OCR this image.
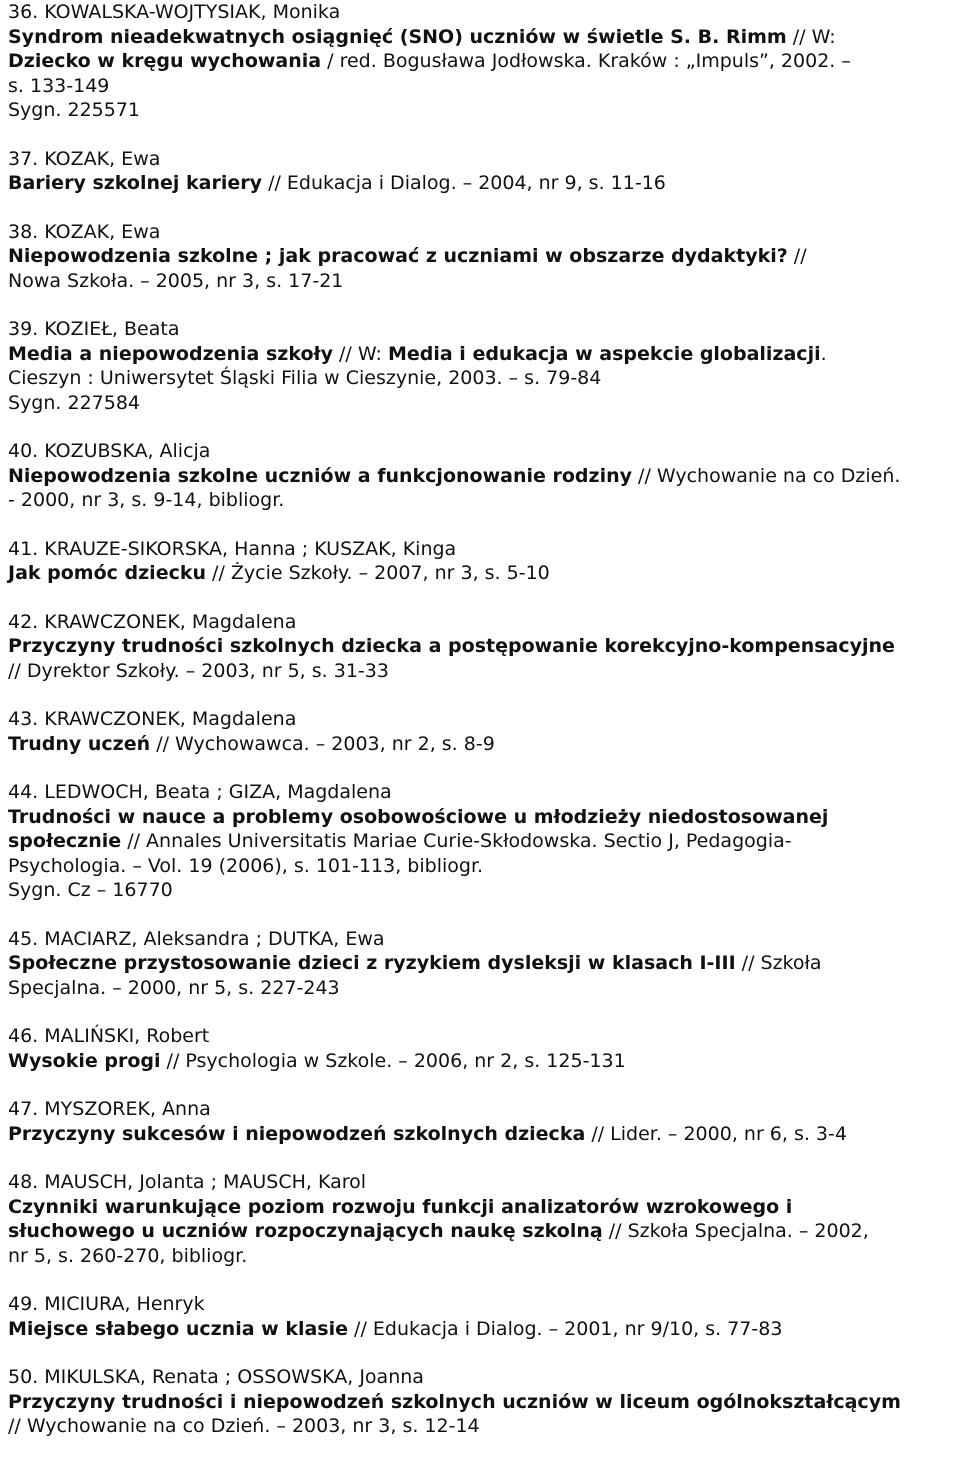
36. KOWALSKA-WOJTYSIAK, Monika
Syndrom nieadekwatnych osiągnięć (SNO) uczniów w świetle S. B. Rimm // W:
Dziecko w kręgu wychowania / red. Bogusława Jodłowska. Kraków : „Impuls”, 2002. –
s. 133-149
Sygn. 225571
37. KOZAK, Ewa
Bariery szkolnej kariery // Edukacja i Dialog. – 2004, nr 9, s. 11-16
38. KOZAK, Ewa
Niepowodzenia szkolne ; jak pracować z uczniami w obszarze dydaktyki? //
Nowa Szkoła. – 2005, nr 3, s. 17-21
39. KOZIEŁ, Beata
Media a niepowodzenia szkoły // W: Media i edukacja w aspekcie globalizacji.
Cieszyn : Uniwersytet Śląski Filia w Cieszynie, 2003. – s. 79-84
Sygn. 227584
40. KOZUBSKA, Alicja
Niepowodzenia szkolne uczniów a funkcjonowanie rodziny // Wychowanie na co Dzień.
- 2000, nr 3, s. 9-14, bibliogr.
41. KRAUZE-SIKORSKA, Hanna ; KUSZAK, Kinga
Jak pomóc dziecku // Życie Szkoły. – 2007, nr 3, s. 5-10
42. KRAWCZONEK, Magdalena
Przyczyny trudności szkolnych dziecka a postępowanie korekcyjno-kompensacyjne
// Dyrektor Szkoły. – 2003, nr 5, s. 31-33
43. KRAWCZONEK, Magdalena
Trudny uczeń // Wychowawca. – 2003, nr 2, s. 8-9
44. LEDWOCH, Beata ; GIZA, Magdalena
Trudności w nauce a problemy osobowościowe u młodzieży niedostosowanej
społecznie // Annales Universitatis Mariae Curie-Skłodowska. Sectio J, Pedagogia-
Psychologia. – Vol. 19 (2006), s. 101-113, bibliogr.
Sygn. Cz – 16770
45. MACIARZ, Aleksandra ; DUTKA, Ewa
Społeczne przystosowanie dzieci z ryzykiem dysleksji w klasach I-III // Szkoła
Specjalna. – 2000, nr 5, s. 227-243
46. MALIŃSKI, Robert
Wysokie progi // Psychologia w Szkole. – 2006, nr 2, s. 125-131
47. MYSZOREK, Anna
Przyczyny sukcesów i niepowodzeń szkolnych dziecka // Lider. – 2000, nr 6, s. 3-4
48. MAUSCH, Jolanta ; MAUSCH, Karol
Czynniki warunkujące poziom rozwoju funkcji analizatorów wzrokowego i
słuchowego u uczniów rozpoczynających naukę szkolną // Szkoła Specjalna. – 2002,
nr 5, s. 260-270, bibliogr.
49. MICIURA, Henryk
Miejsce słabego ucznia w klasie // Edukacja i Dialog. – 2001, nr 9/10, s. 77-83
50. MIKULSKA, Renata ; OSSOWSKA, Joanna
Przyczyny trudności i niepowodzeń szkolnych uczniów w liceum ogólnokształcącym
// Wychowanie na co Dzień. – 2003, nr 3, s. 12-14
